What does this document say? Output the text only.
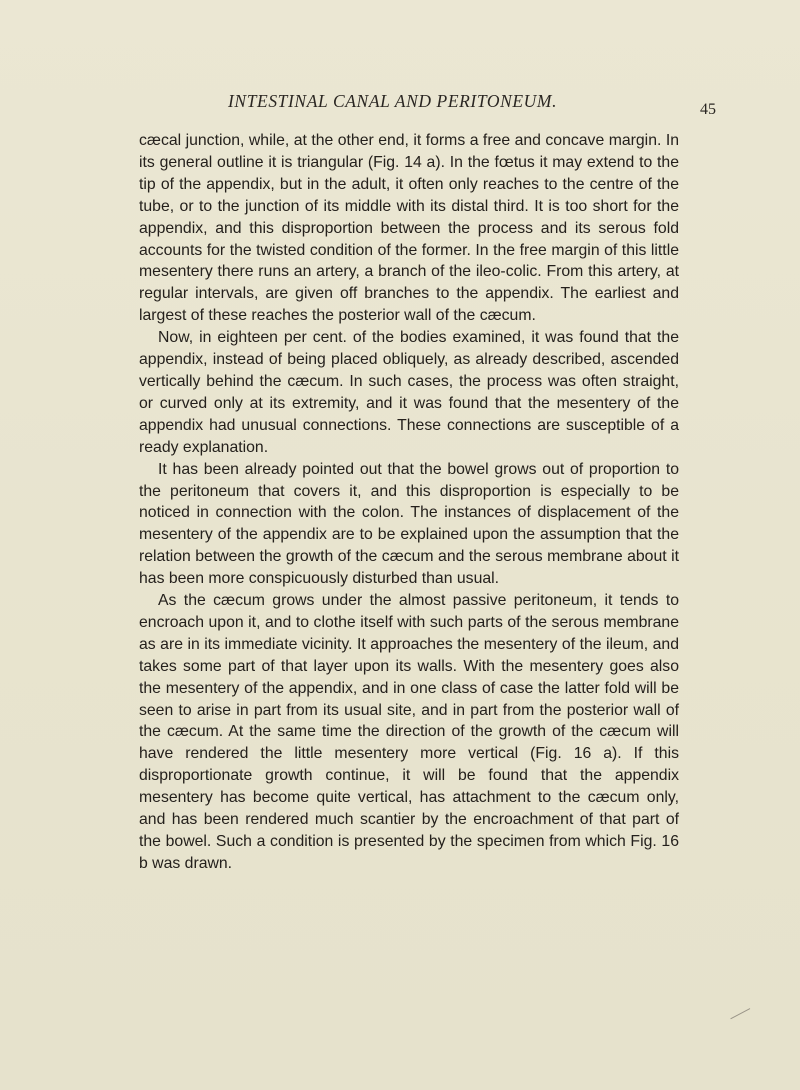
INTESTINAL CANAL AND PERITONEUM.	45

cæcal junction, while, at the other end, it forms a free and concave margin. In its general outline it is triangular (Fig. 14 a). In the fœtus it may extend to the tip of the appendix, but in the adult, it often only reaches to the centre of the tube, or to the junction of its middle with its distal third. It is too short for the appendix, and this disproportion between the process and its serous fold accounts for the twisted condition of the former. In the free margin of this little mesentery there runs an artery, a branch of the ileo-colic. From this artery, at regular intervals, are given off branches to the appendix. The earliest and largest of these reaches the posterior wall of the cæcum.

Now, in eighteen per cent. of the bodies examined, it was found that the appendix, instead of being placed obliquely, as already described, ascended vertically behind the cæcum. In such cases, the process was often straight, or curved only at its extremity, and it was found that the mesentery of the appendix had unusual connections. These connections are susceptible of a ready explanation.

It has been already pointed out that the bowel grows out of proportion to the peritoneum that covers it, and this disproportion is especially to be noticed in connection with the colon. The instances of displacement of the mesentery of the appendix are to be explained upon the assumption that the relation between the growth of the cæcum and the serous membrane about it has been more conspicuously disturbed than usual.

As the cæcum grows under the almost passive peritoneum, it tends to encroach upon it, and to clothe itself with such parts of the serous membrane as are in its immediate vicinity. It approaches the mesentery of the ileum, and takes some part of that layer upon its walls. With the mesentery goes also the mesentery of the appendix, and in one class of case the latter fold will be seen to arise in part from its usual site, and in part from the posterior wall of the cæcum. At the same time the direction of the growth of the cæcum will have rendered the little mesentery more vertical (Fig. 16 a). If this disproportionate growth continue, it will be found that the appendix mesentery has become quite vertical, has attachment to the cæcum only, and has been rendered much scantier by the encroachment of that part of the bowel. Such a condition is presented by the specimen from which Fig. 16 b was drawn.
